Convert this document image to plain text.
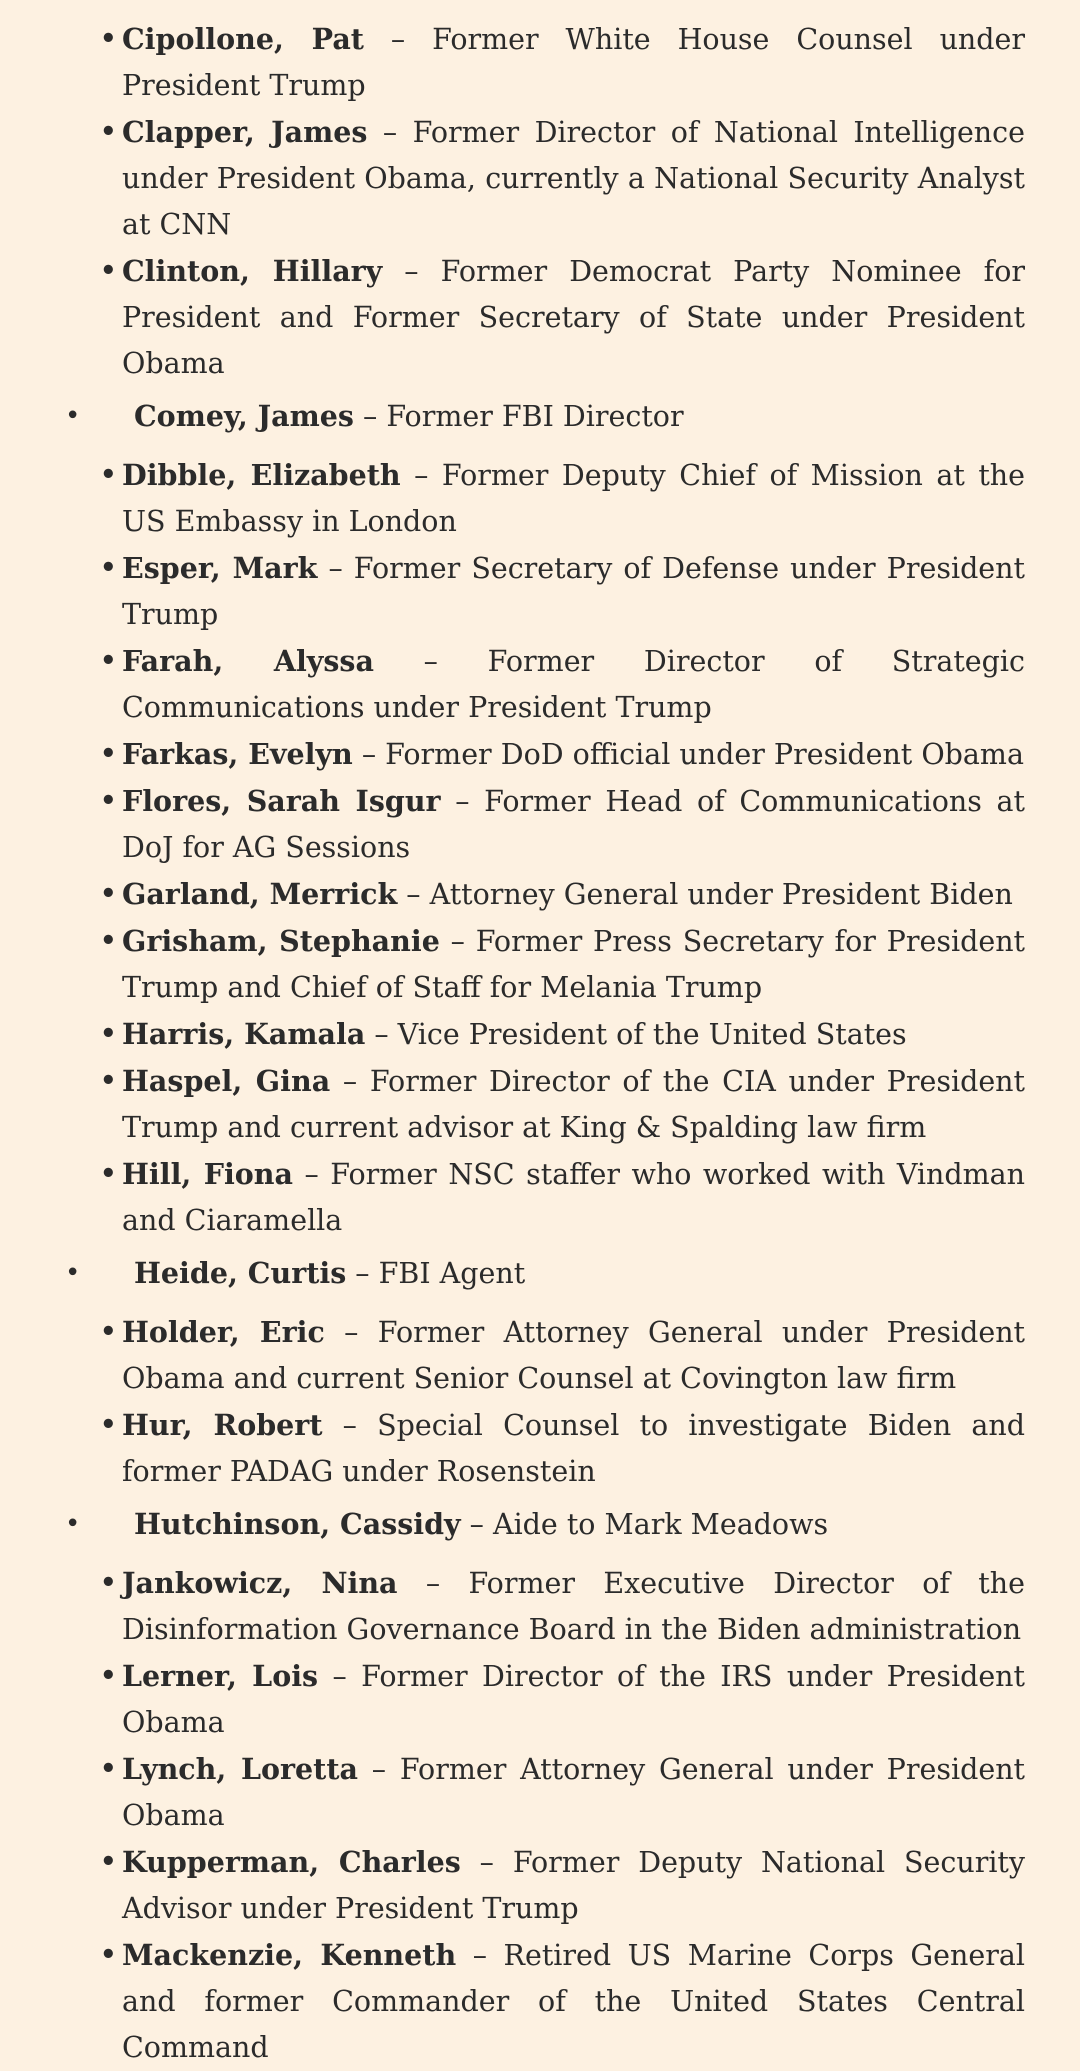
• Cipollone, Pat – Former White House Counsel under President Trump
• Clapper, James – Former Director of National Intelligence under President Obama, currently a National Security Analyst at CNN
• Clinton, Hillary – Former Democrat Party Nominee for President and Former Secretary of State under President Obama
• Comey, James – Former FBI Director
• Dibble, Elizabeth – Former Deputy Chief of Mission at the US Embassy in London
• Esper, Mark – Former Secretary of Defense under President Trump
• Farah, Alyssa – Former Director of Strategic Communications under President Trump
• Farkas, Evelyn – Former DoD official under President Obama
• Flores, Sarah Isgur – Former Head of Communications at DoJ for AG Sessions
• Garland, Merrick – Attorney General under President Biden
• Grisham, Stephanie – Former Press Secretary for President Trump and Chief of Staff for Melania Trump
• Harris, Kamala – Vice President of the United States
• Haspel, Gina – Former Director of the CIA under President Trump and current advisor at King & Spalding law firm
• Hill, Fiona – Former NSC staffer who worked with Vindman and Ciaramella
• Heide, Curtis – FBI Agent
• Holder, Eric – Former Attorney General under President Obama and current Senior Counsel at Covington law firm
• Hur, Robert – Special Counsel to investigate Biden and former PADAG under Rosenstein
• Hutchinson, Cassidy – Aide to Mark Meadows
• Jankowicz, Nina – Former Executive Director of the Disinformation Governance Board in the Biden administration
• Lerner, Lois – Former Director of the IRS under President Obama
• Lynch, Loretta – Former Attorney General under President Obama
• Kupperman, Charles – Former Deputy National Security Advisor under President Trump
• Mackenzie, Kenneth – Retired US Marine Corps General and former Commander of the United States Central Command
